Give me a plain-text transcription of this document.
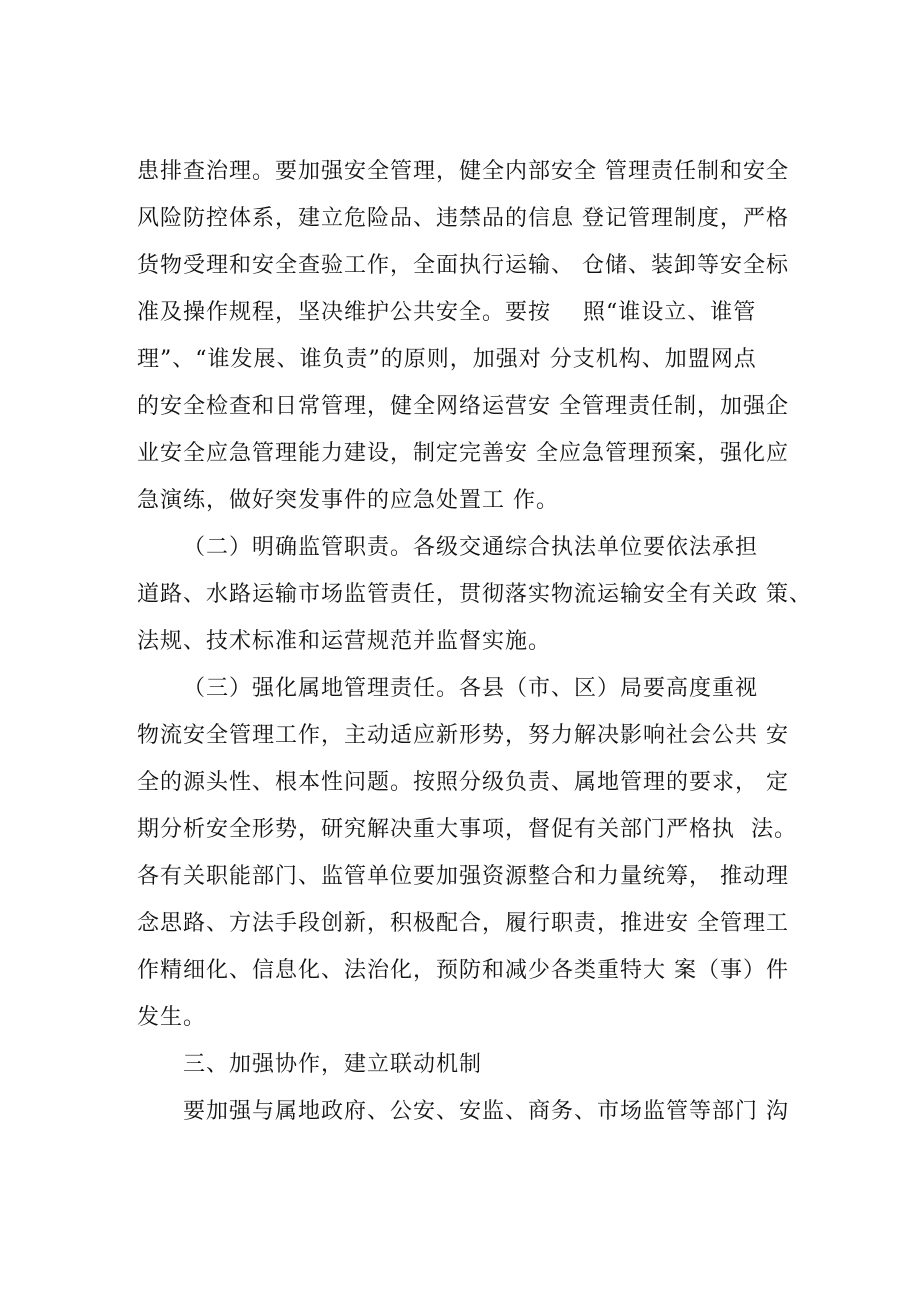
患排查治理。要加强安全管理，健全内部安全 管理责任制和安全
风险防控体系，建立危险品、违禁品的信息 登记管理制度，严格
货物受理和安全查验工作，全面执行运输、 仓储、装卸等安全标
准及操作规程，坚决维护公共安全。要按    照“谁设立、谁管
理”、“谁发展、谁负责”的原则，加强对 分支机构、加盟网点
的安全检查和日常管理，健全网络运营安 全管理责任制，加强企
业安全应急管理能力建设，制定完善安 全应急管理预案，强化应
急演练，做好突发事件的应急处置工 作。
（二）明确监管职责。各级交通综合执法单位要依法承担
道路、水路运输市场监管责任，贯彻落实物流运输安全有关政 策、
法规、技术标准和运营规范并监督实施。
（三）强化属地管理责任。各县（市、区）局要高度重视
物流安全管理工作，主动适应新形势，努力解决影响社会公共 安
全的源头性、根本性问题。按照分级负责、属地管理的要求， 定
期分析安全形势，研究解决重大事项，督促有关部门严格执  法。
各有关职能部门、监管单位要加强资源整合和力量统筹， 推动理
念思路、方法手段创新，积极配合，履行职责，推进安 全管理工
作精细化、信息化、法治化，预防和减少各类重特大 案（事）件
发生。
三、加强协作，建立联动机制
要加强与属地政府、公安、安监、商务、市场监管等部门 沟
